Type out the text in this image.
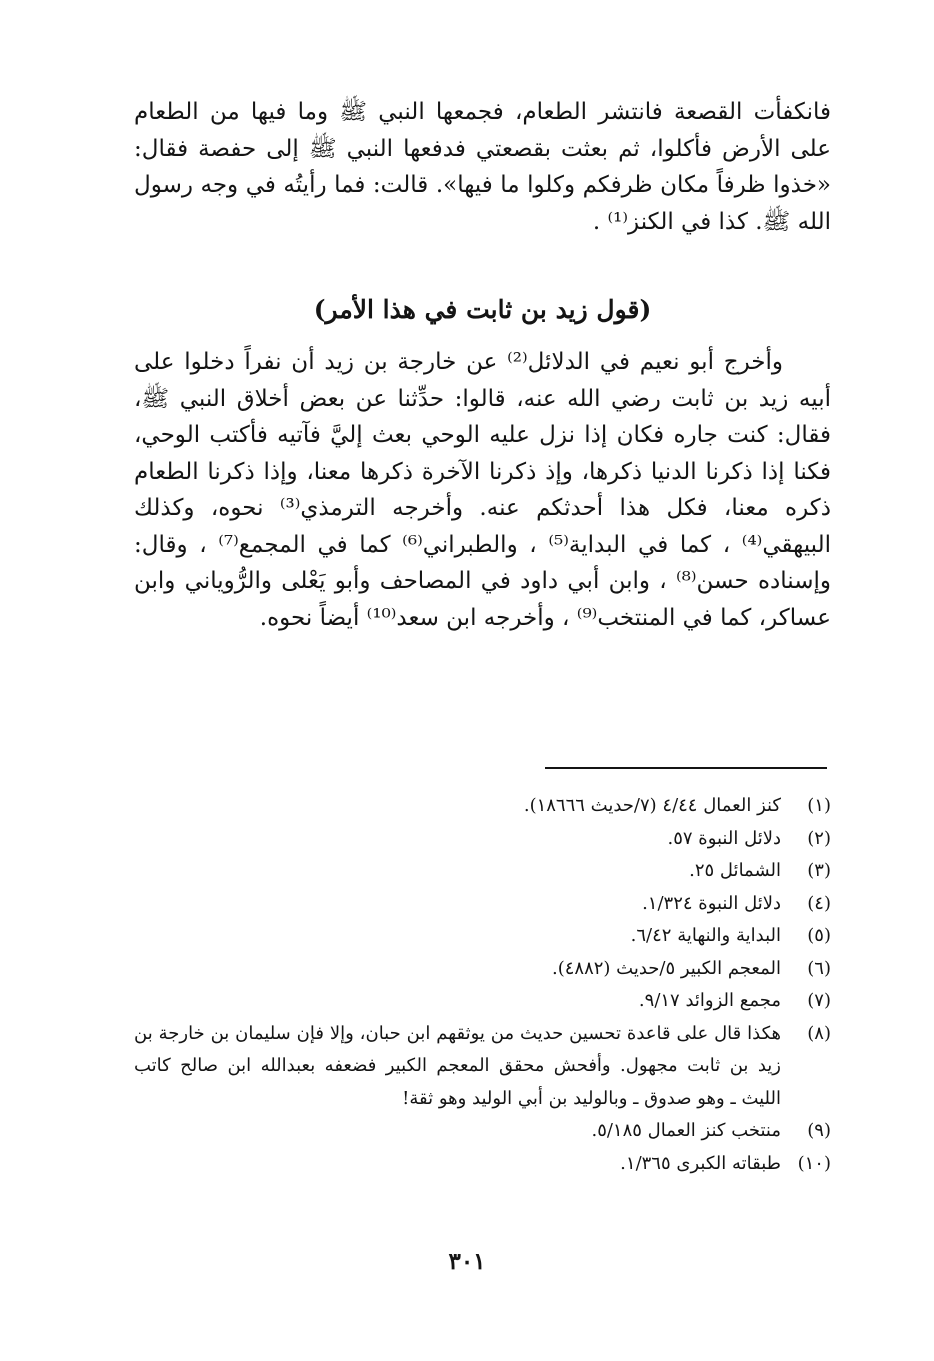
فانكفأت القصعة فانتشر الطعام، فجمعها النبي ﷺ وما فيها من الطعام على الأرض فأكلوا، ثم بعثت بقصعتي فدفعها النبي ﷺ إلى حفصة فقال: «خذوا ظرفاً مكان ظرفكم وكلوا ما فيها». قالت: فما رأيتُه في وجه رسول الله ﷺ. كذا في الكنز⁽¹⁾ .

(قول زيد بن ثابت في هذا الأمر)

وأخرج أبو نعيم في الدلائل⁽²⁾ عن خارجة بن زيد أن نفراً دخلوا على أبيه زيد بن ثابت رضي الله عنه، قالوا: حدِّثنا عن بعض أخلاق النبي ﷺ، فقال: كنت جاره فكان إذا نزل عليه الوحي بعث إليَّ فآتيه فأكتب الوحي، فكنا إذا ذكرنا الدنيا ذكرها، وإذ ذكرنا الآخرة ذكرها معنا، وإذا ذكرنا الطعام ذكره معنا، فكل هذا أحدثكم عنه. وأخرجه الترمذي⁽³⁾ نحوه، وكذلك البيهقي⁽⁴⁾ ، كما في البداية⁽⁵⁾ ، والطبراني⁽⁶⁾ كما في المجمع⁽⁷⁾ ، وقال: وإسناده حسن⁽⁸⁾ ، وابن أبي داود في المصاحف وأبو يَعْلى والرُّوياني وابن عساكر، كما في المنتخب⁽⁹⁾ ، وأخرجه ابن سعد⁽¹⁰⁾ أيضاً نحوه.

(١)
كنز العمال ٤/٤٤ (٧/حديث ١٨٦٦٦).
(٢)
دلائل النبوة ٥٧.
(٣)
الشمائل ٢٥.
(٤)
دلائل النبوة ١/٣٢٤.
(٥)
البداية والنهاية ٦/٤٢.
(٦)
المعجم الكبير ٥/حديث (٤٨٨٢).
(٧)
مجمع الزوائد ٩/١٧.
(٨)
هكذا قال على قاعدة تحسين حديث من يوثقهم ابن حبان، وإلا فإن سليمان بن خارجة بن زيد بن ثابت مجهول. وأفحش محقق المعجم الكبير فضعفه بعبدالله ابن صالح كاتب الليث ـ وهو صدوق ـ وبالوليد بن أبي الوليد وهو ثقة!
(٩)
منتخب كنز العمال ٥/١٨٥.
(١٠)
طبقاته الكبرى ١/٣٦٥.
٣٠١
